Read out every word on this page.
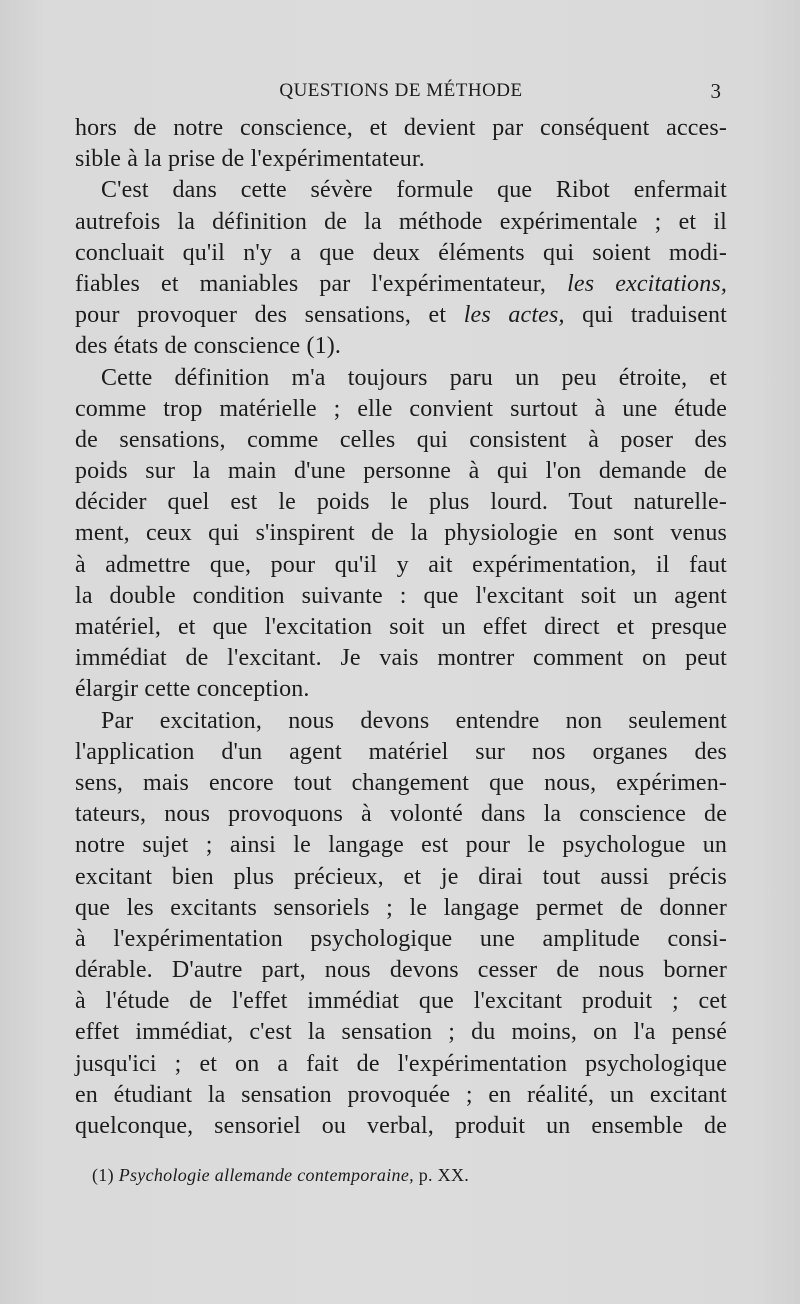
QUESTIONS DE MÉTHODE	3
hors de notre conscience, et devient par conséquent acces-
sible à la prise de l'expérimentateur.
C'est dans cette sévère formule que Ribot enfermait
autrefois la définition de la méthode expérimentale ; et il
concluait qu'il n'y a que deux éléments qui soient modi-
fiables et maniables par l'expérimentateur, les excitations,
pour provoquer des sensations, et les actes, qui traduisent
des états de conscience (1).
Cette définition m'a toujours paru un peu étroite, et
comme trop matérielle ; elle convient surtout à une étude
de sensations, comme celles qui consistent à poser des
poids sur la main d'une personne à qui l'on demande de
décider quel est le poids le plus lourd. Tout naturelle-
ment, ceux qui s'inspirent de la physiologie en sont venus
à admettre que, pour qu'il y ait expérimentation, il faut
la double condition suivante : que l'excitant soit un agent
matériel, et que l'excitation soit un effet direct et presque
immédiat de l'excitant. Je vais montrer comment on peut
élargir cette conception.
Par excitation, nous devons entendre non seulement
l'application d'un agent matériel sur nos organes des
sens, mais encore tout changement que nous, expérimen-
tateurs, nous provoquons à volonté dans la conscience de
notre sujet ; ainsi le langage est pour le psychologue un
excitant bien plus précieux, et je dirai tout aussi précis
que les excitants sensoriels ; le langage permet de donner
à l'expérimentation psychologique une amplitude consi-
dérable. D'autre part, nous devons cesser de nous borner
à l'étude de l'effet immédiat que l'excitant produit ; cet
effet immédiat, c'est la sensation ; du moins, on l'a pensé
jusqu'ici ; et on a fait de l'expérimentation psychologique
en étudiant la sensation provoquée ; en réalité, un excitant
quelconque, sensoriel ou verbal, produit un ensemble de
(1) Psychologie allemande contemporaine, p. XX.
